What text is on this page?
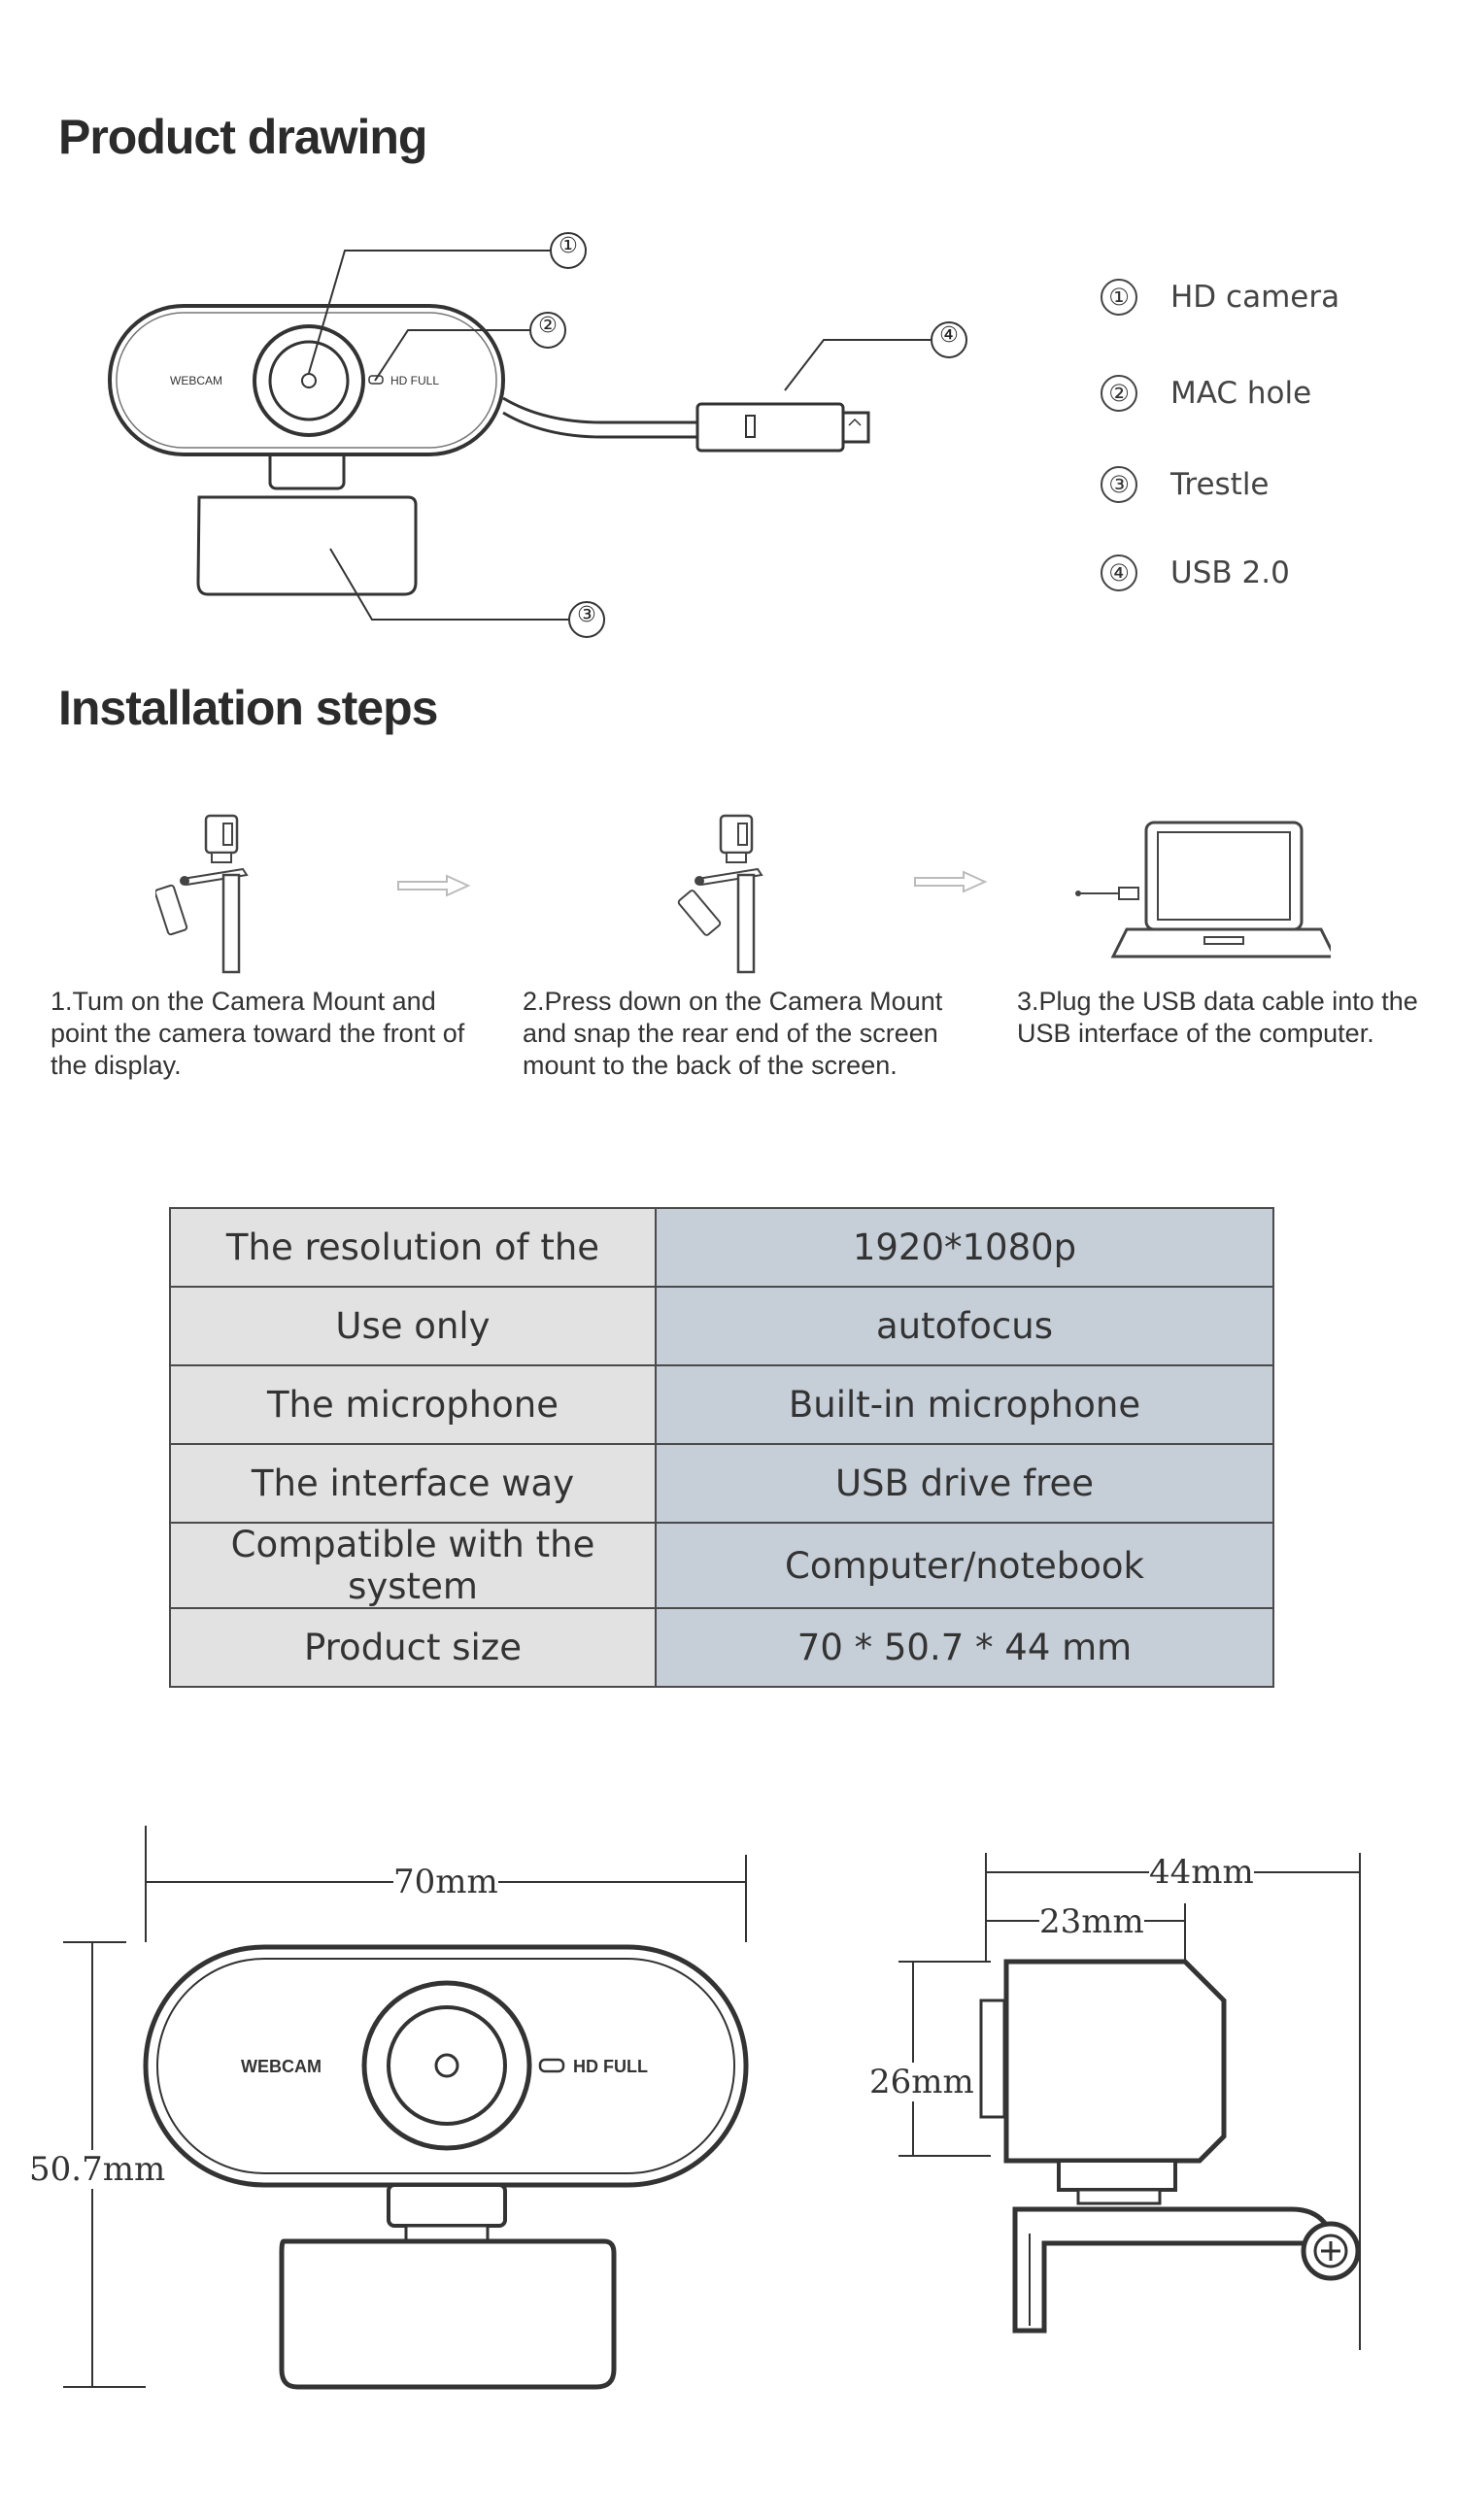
Product drawing
WEBCAM	HD FULL
①
②
③
④
① HD camera
② MAC hole
③ Trestle
④ USB 2.0
Installation steps
1.Tum on the Camera Mount and point the camera toward the front of the display.
2.Press down on the Camera Mount and snap the rear end of the screen mount to the back of the screen.
3.Plug the USB data cable into the USB interface of the computer.
The resolution of the	1920*1080p
Use only	autofocus
The microphone	Built-in microphone
The interface way	USB drive free
Compatible with the system	Computer/notebook
Product size	70 * 50.7 * 44 mm
WEBCAM	HD FULL
70mm
50.7mm
44mm
23mm
26mm
